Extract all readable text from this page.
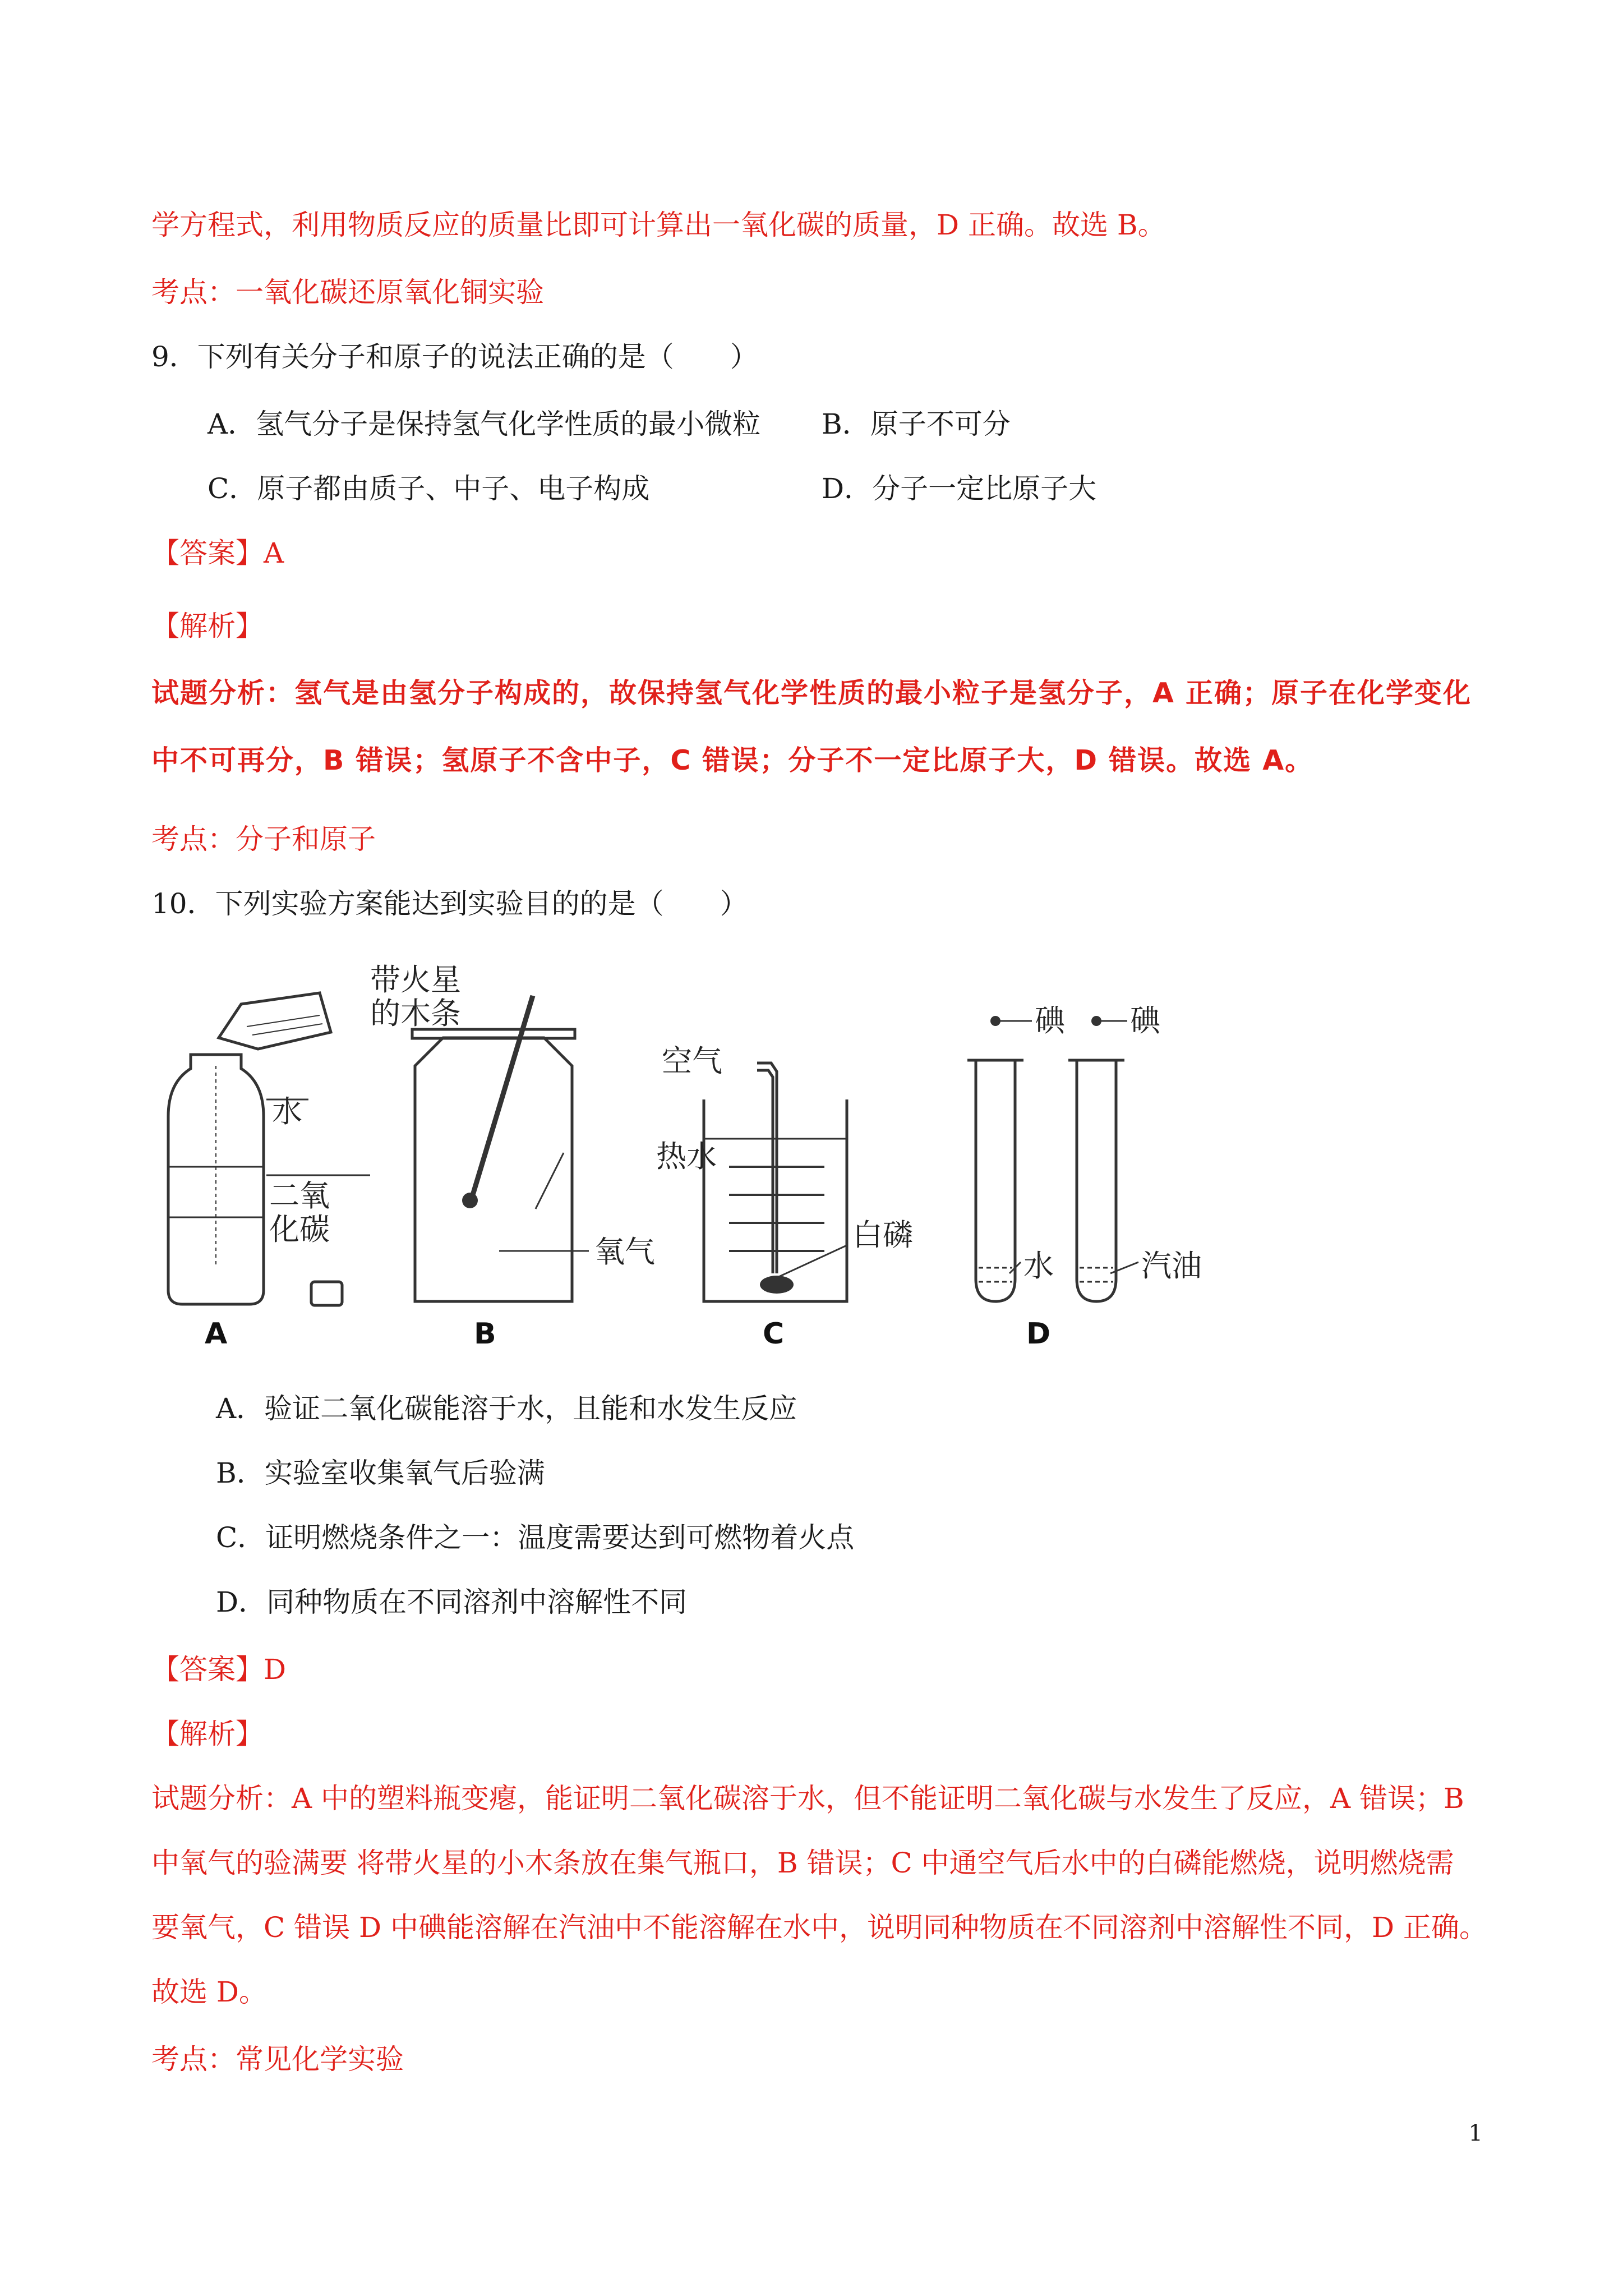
学方程式，利用物质反应的质量比即可计算出一氧化碳的质量，D 正确。故选 B。
考点：一氧化碳还原氧化铜实验
9．下列有关分子和原子的说法正确的是（　　）
A．氢气分子是保持氢气化学性质的最小微粒 B．原子不可分
C．原子都由质子、中子、电子构成	D．分子一定比原子大
【答案】A
【解析】
试题分析：氢气是由氢分子构成的，故保持氢气化学性质的最小粒子是氢分子，A 正确；原子在化学变化
中不可再分，B 错误；氢原子不含中子，C 错误；分子不一定比原子大，D 错误。故选 A。
考点：分子和原子
10．下列实验方案能达到实验目的的是（　　）
水
二氧
化碳
带火星
的木条
氧气
空气
热水
白磷
碘 碘
水	汽油
A	B	C	D
A．验证二氧化碳能溶于水，且能和水发生反应
B．实验室收集氧气后验满
C．证明燃烧条件之一：温度需要达到可燃物着火点
D．同种物质在不同溶剂中溶解性不同
【答案】D
【解析】
试题分析：A 中的塑料瓶变瘪，能证明二氧化碳溶于水，但不能证明二氧化碳与水发生了反应，A 错误；B
中氧气的验满要 将带火星的小木条放在集气瓶口，B 错误；C 中通空气后水中的白磷能燃烧，说明燃烧需
要氧气，C 错误 D 中碘能溶解在汽油中不能溶解在水中，说明同种物质在不同溶剂中溶解性不同，D 正确。
故选 D。
考点：常见化学实验
1
